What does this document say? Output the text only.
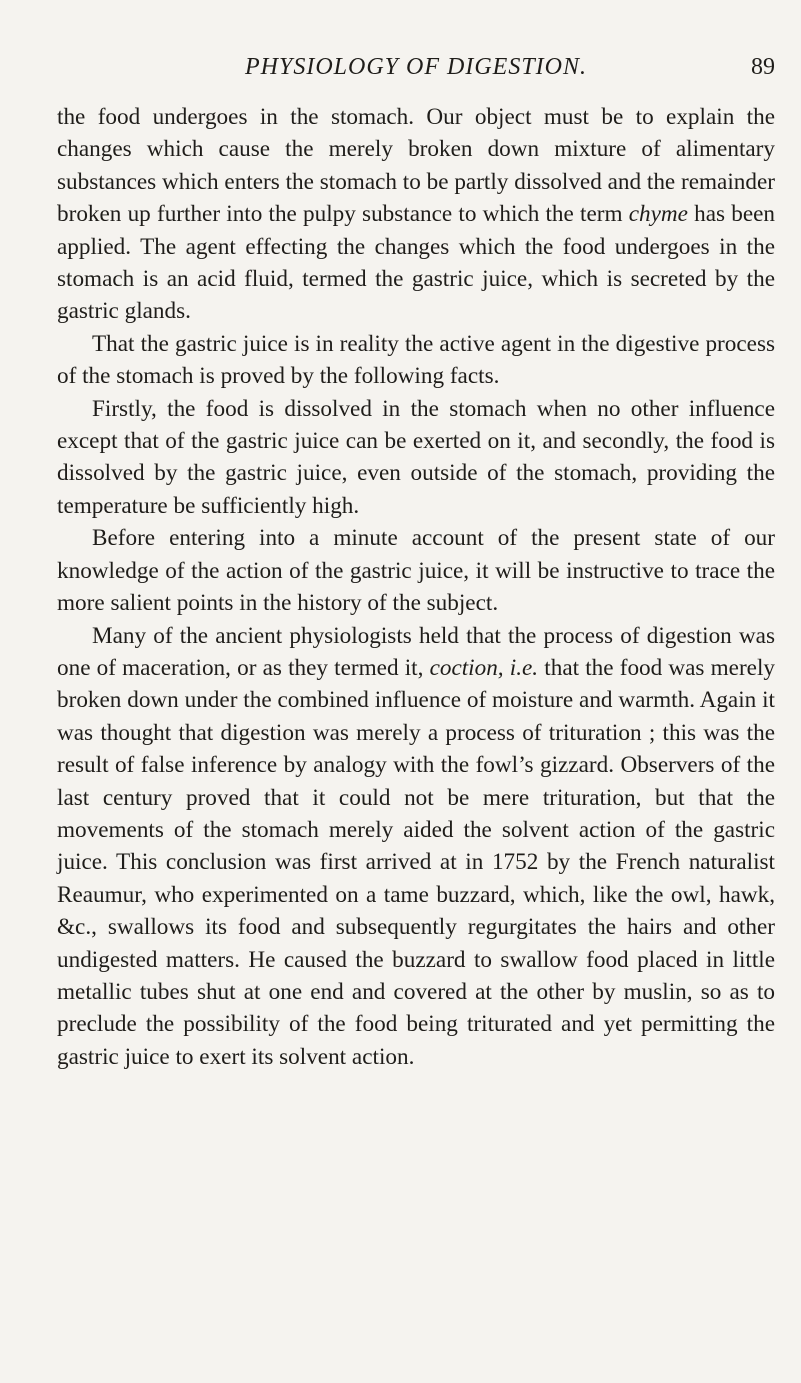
PHYSIOLOGY OF DIGESTION.	89

the food undergoes in the stomach. Our object must be to explain the changes which cause the merely broken down mixture of alimentary substances which enters the stomach to be partly dissolved and the remainder broken up further into the pulpy substance to which the term chyme has been applied. The agent effecting the changes which the food undergoes in the stomach is an acid fluid, termed the gastric juice, which is secreted by the gastric glands.

That the gastric juice is in reality the active agent in the digestive process of the stomach is proved by the following facts.

Firstly, the food is dissolved in the stomach when no other influence except that of the gastric juice can be exerted on it, and secondly, the food is dissolved by the gastric juice, even outside of the stomach, providing the temperature be sufficiently high.

Before entering into a minute account of the present state of our knowledge of the action of the gastric juice, it will be instructive to trace the more salient points in the history of the subject.

Many of the ancient physiologists held that the process of digestion was one of maceration, or as they termed it, coction, i.e. that the food was merely broken down under the combined influence of moisture and warmth. Again it was thought that digestion was merely a process of trituration ; this was the result of false inference by analogy with the fowl’s gizzard. Observers of the last century proved that it could not be mere trituration, but that the movements of the stomach merely aided the solvent action of the gastric juice. This conclusion was first arrived at in 1752 by the French naturalist Reaumur, who experimented on a tame buzzard, which, like the owl, hawk, &c., swallows its food and subsequently regurgitates the hairs and other undigested matters. He caused the buzzard to swallow food placed in little metallic tubes shut at one end and covered at the other by muslin, so as to preclude the possibility of the food being triturated and yet permitting the gastric juice to exert its solvent action.
